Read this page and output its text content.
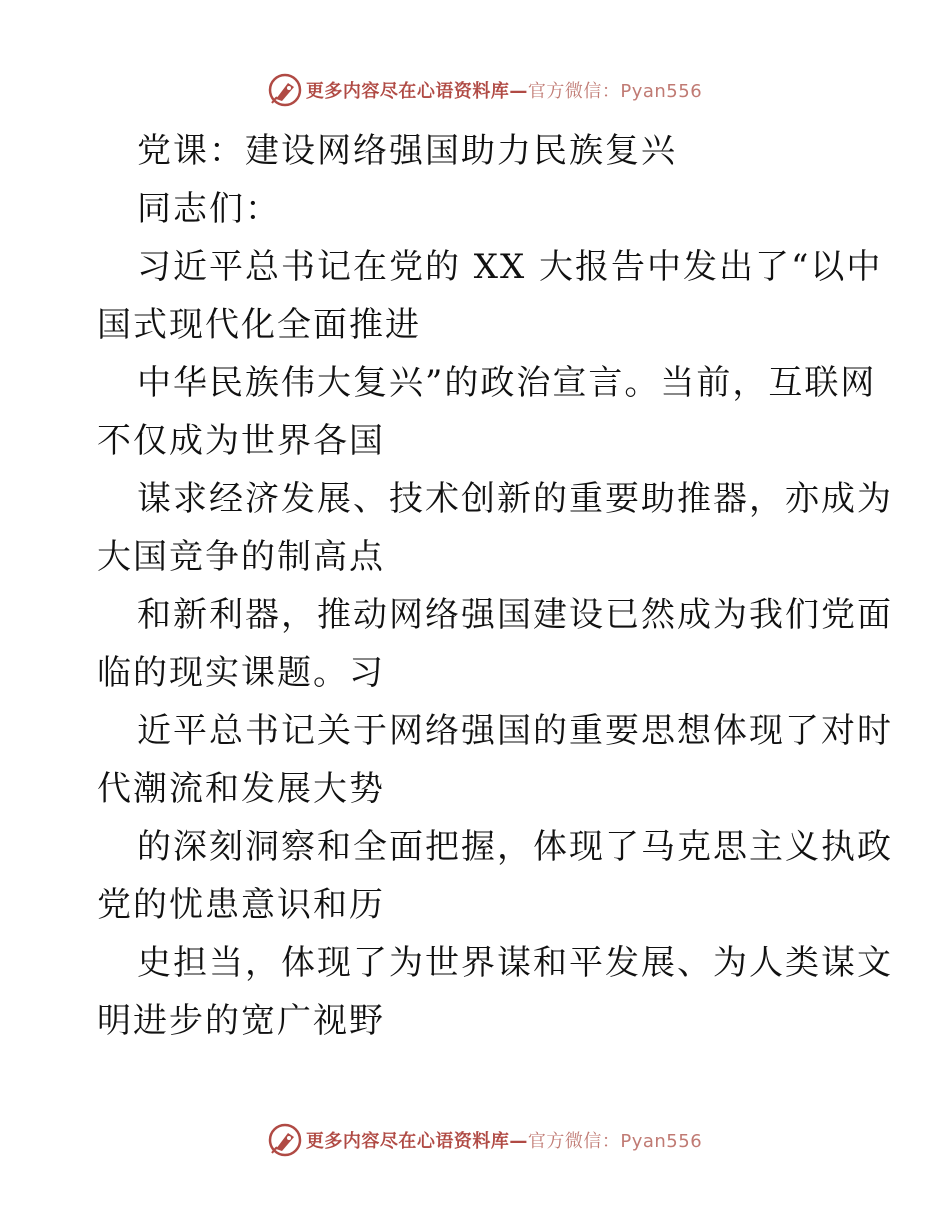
更多内容尽在心语资料库—官方微信：Pyan556
党课：建设网络强国助力民族复兴
同志们：
习近平总书记在党的 XX 大报告中发出了“以中
国式现代化全面推进
中华民族伟大复兴”的政治宣言。当前，互联网
不仅成为世界各国
谋求经济发展、技术创新的重要助推器，亦成为
大国竞争的制高点
和新利器，推动网络强国建设已然成为我们党面
临的现实课题。习
近平总书记关于网络强国的重要思想体现了对时
代潮流和发展大势
的深刻洞察和全面把握，体现了马克思主义执政
党的忧患意识和历
史担当，体现了为世界谋和平发展、为人类谋文
明进步的宽广视野
更多内容尽在心语资料库—官方微信：Pyan556
